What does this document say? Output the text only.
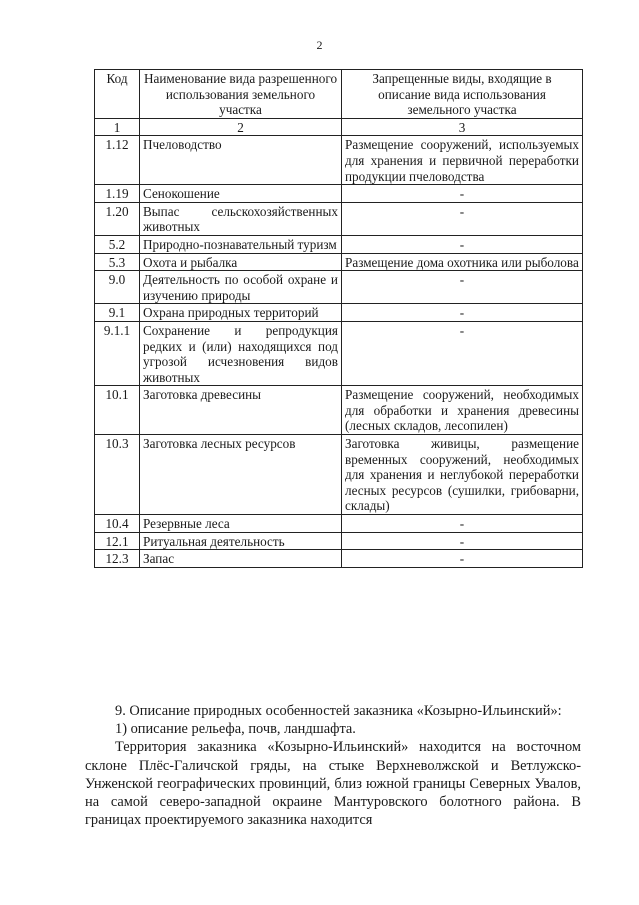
2
Код	Наименование вида разрешенного использования земельного участка	Запрещенные виды, входящие в описание вида использования земельного участка
1	2	3
1.12	Пчеловодство	Размещение сооружений, используемых для хранения и первичной переработки продукции пчеловодства
1.19	Сенокошение	-
1.20	Выпас сельскохозяйственных животных	-
5.2	Природно-познавательный туризм	-
5.3	Охота и рыбалка	Размещение дома охотника или рыболова
9.0	Деятельность по особой охране и изучению природы	-
9.1	Охрана природных территорий	-
9.1.1	Сохранение и репродукция редких и (или) находящихся под угрозой исчезновения видов животных	-
10.1	Заготовка древесины	Размещение сооружений, необходимых для обработки и хранения древесины (лесных складов, лесопилен)
10.3	Заготовка лесных ресурсов	Заготовка живицы, размещение временных сооружений, необходимых для хранения и неглубокой переработки лесных ресурсов (сушилки, грибоварни, склады)
10.4	Резервные леса	-
12.1	Ритуальная деятельность	-
12.3	Запас	-

9. Описание природных особенностей заказника «Козырно-Ильинский»:

1) описание рельефа, почв, ландшафта.

Территория заказника «Козырно-Ильинский» находится на восточном склоне Плёс-Галичской гряды, на стыке Верхневолжской и Ветлужско-Унженской географических провинций, близ южной границы Северных Увалов, на самой северо-западной окраине Мантуровского болотного района. В границах проектируемого заказника находится
